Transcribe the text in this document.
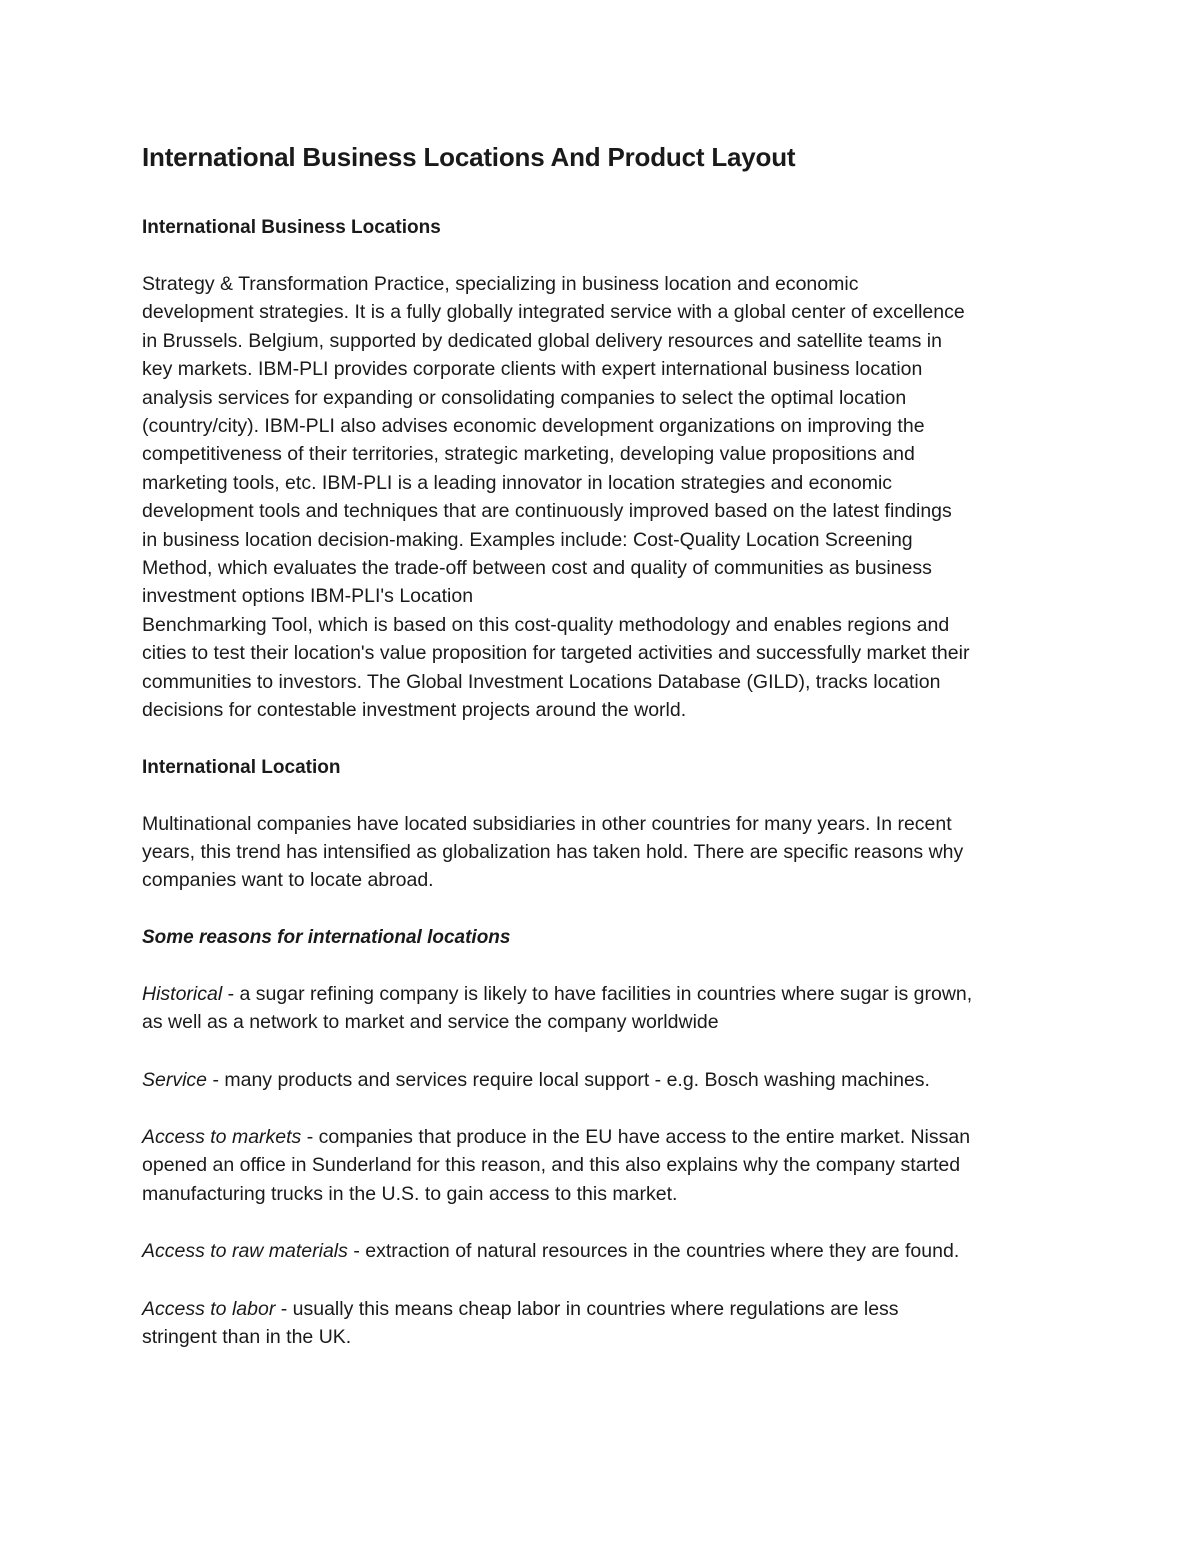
International Business Locations And Product Layout
International Business Locations

Strategy & Transformation Practice, specializing in business location and economic
development strategies. It is a fully globally integrated service with a global center of excellence
in Brussels. Belgium, supported by dedicated global delivery resources and satellite teams in
key markets. IBM-PLI provides corporate clients with expert international business location
analysis services for expanding or consolidating companies to select the optimal location
(country/city). IBM-PLI also advises economic development organizations on improving the
competitiveness of their territories, strategic marketing, developing value propositions and
marketing tools, etc. IBM-PLI is a leading innovator in location strategies and economic
development tools and techniques that are continuously improved based on the latest findings
in business location decision-making. Examples include: Cost-Quality Location Screening
Method, which evaluates the trade-off between cost and quality of communities as business
investment options IBM-PLI's Location
Benchmarking Tool, which is based on this cost-quality methodology and enables regions and
cities to test their location's value proposition for targeted activities and successfully market their
communities to investors. The Global Investment Locations Database (GILD), tracks location
decisions for contestable investment projects around the world.

International Location

Multinational companies have located subsidiaries in other countries for many years. In recent
years, this trend has intensified as globalization has taken hold. There are specific reasons why
companies want to locate abroad.

Some reasons for international locations

Historical - a sugar refining company is likely to have facilities in countries where sugar is grown,
as well as a network to market and service the company worldwide

Service - many products and services require local support - e.g. Bosch washing machines.

Access to markets - companies that produce in the EU have access to the entire market. Nissan
opened an office in Sunderland for this reason, and this also explains why the company started
manufacturing trucks in the U.S. to gain access to this market.

Access to raw materials - extraction of natural resources in the countries where they are found.

Access to labor - usually this means cheap labor in countries where regulations are less
stringent than in the UK.
